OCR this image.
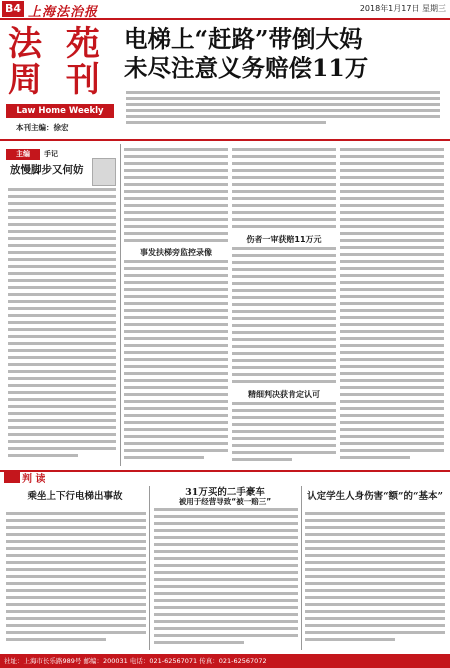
B4 上海法治报	2018年1月17日 星期三
法 苑
周 刊
Law Home Weekly
本刊主编：徐宏
电梯上“赶路”带倒大妈
未尽注意义务赔偿11万
主编	手记
放慢脚步又何妨
事发扶梯旁监控录像
伤者一审获赔11万元
精细判决获肯定认可
判 读
乘坐上下行电梯出事故	31万买的二手豪车
被用于经营导致“被一赔三”	认定学生人身伤害“额”的“基本”
社址：上海市长乐路989号 邮编：200031 电话：021-62567071 传真：021-62567072
